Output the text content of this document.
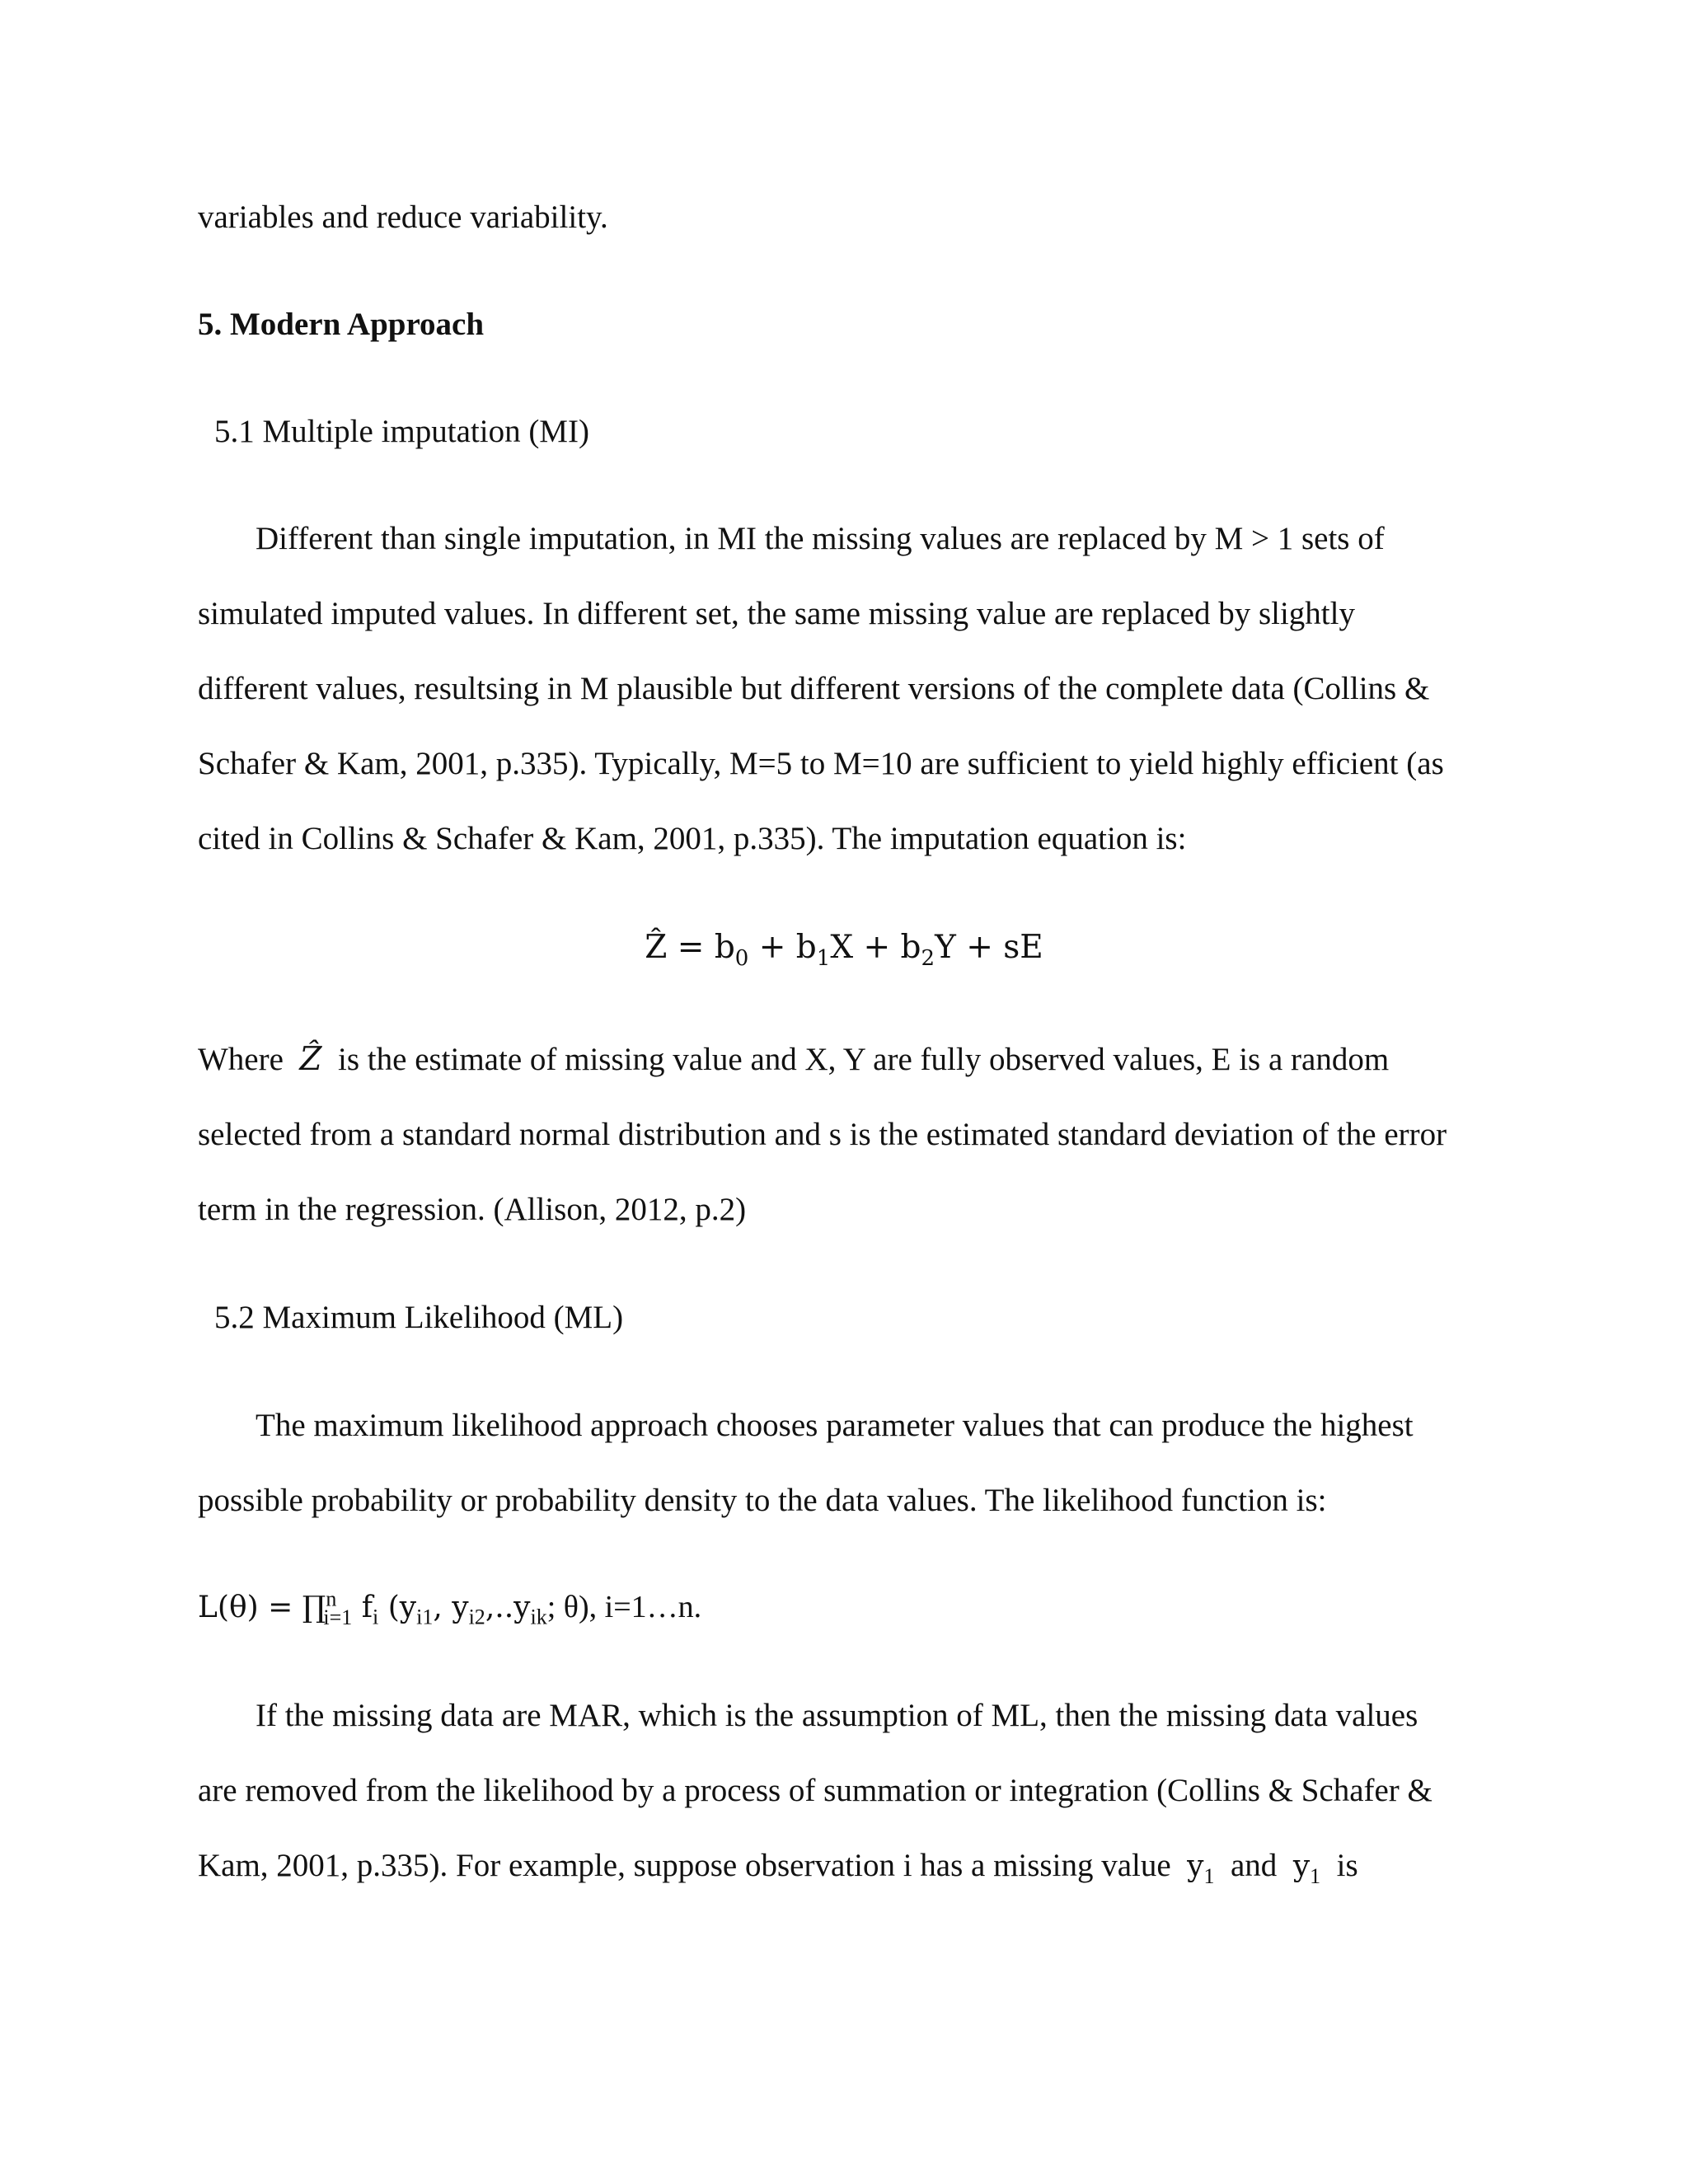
variables and reduce variability.
5. Modern Approach
5.1 Multiple imputation (MI)
Different than single imputation, in MI the missing values are replaced by M > 1 sets of
simulated imputed values. In different set, the same missing value are replaced by slightly
different values, resultsing in M plausible but different versions of the complete data (Collins &
Schafer & Kam, 2001, p.335). Typically, M=5 to M=10 are sufficient to yield highly efficient (as
cited in Collins & Schafer & Kam, 2001, p.335). The imputation equation is:
Ẑ = $b_0 + b_1X + b_2Y$ + sE
Where Ẑ is the estimate of missing value and X, Y are fully observed values, E is a random
selected from a standard normal distribution and s is the estimated standard deviation of the error
term in the regression. (Allison, 2012, p.2)
5.2 Maximum Likelihood (ML)
The maximum likelihood approach chooses parameter values that can produce the highest
possible probability or probability density to the data values. The likelihood function is:
L(θ) = ∏$^n_{i=1}$ $f_i$ ($y_{i1}$, $y_{i2},..y_{ik}$; θ), i=1…n.
If the missing data are MAR, which is the assumption of ML, then the missing data values
are removed from the likelihood by a process of summation or integration (Collins & Schafer &
Kam, 2001, p.335). For example, suppose observation i has a missing value $y_1$ and $y_1$ is
